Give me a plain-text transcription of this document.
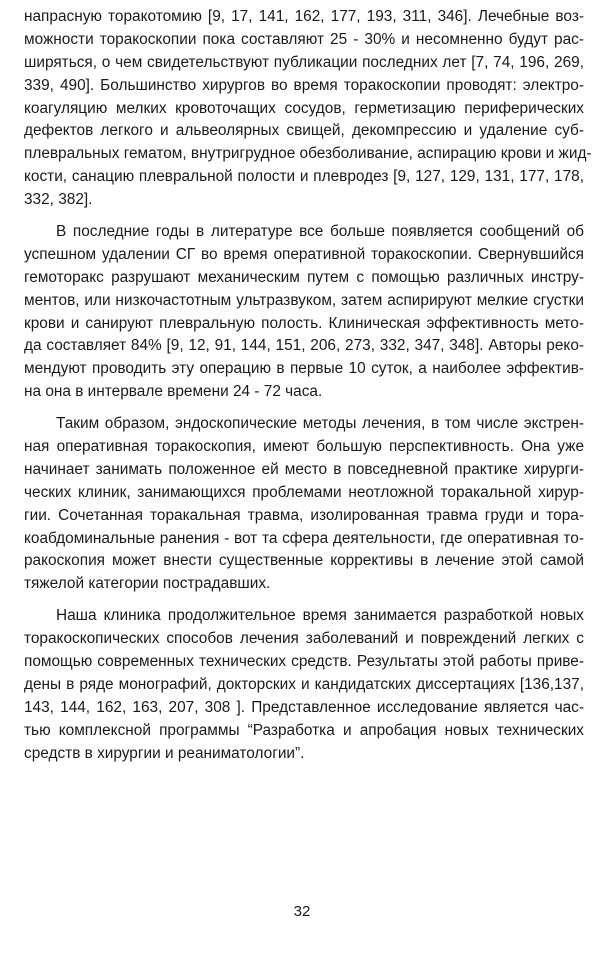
напрасную торакотомию [9, 17, 141, 162, 177, 193, 311, 346]. Лечебные воз-
можности торакоскопии пока составляют 25 - 30% и несомненно будут рас-
ширяться, о чем свидетельствуют публикации последних лет [7, 74, 196, 269,
339, 490]. Большинство хирургов во время торакоскопии проводят: электро-
коагуляцию мелких кровоточащих сосудов, герметизацию периферических
дефектов легкого и альвеолярных свищей, декомпрессию и удаление суб-
плевральных гематом, внутригрудное обезболивание, аспирацию крови и жид-
кости, санацию плевральной полости и плевродез [9, 127, 129, 131, 177, 178,
332, 382].
В последние годы в литературе все больше появляется сообщений об
успешном удалении СГ во время оперативной торакоскопии. Свернувшийся
гемоторакс разрушают механическим путем с помощью различных инстру-
ментов, или низкочастотным ультразвуком, затем аспирируют мелкие сгустки
крови и санируют плевральную полость. Клиническая эффективность мето-
да составляет 84% [9, 12, 91, 144, 151, 206, 273, 332, 347, 348]. Авторы реко-
мендуют проводить эту операцию в первые 10 суток, а наиболее эффектив-
на она в интервале времени 24 - 72 часа.
Таким образом, эндоскопические методы лечения, в том числе экстрен-
ная оперативная торакоскопия, имеют большую перспективность. Она уже
начинает занимать положенное ей место в повседневной практике хирурги-
ческих клиник, занимающихся проблемами неотложной торакальной хирур-
гии. Сочетанная торакальная травма, изолированная травма груди и тора-
коабдоминальные ранения - вот та сфера деятельности, где оперативная то-
ракоскопия может внести существенные коррективы в лечение этой самой
тяжелой категории пострадавших.
Наша клиника продолжительное время занимается разработкой новых
торакоскопических способов лечения заболеваний и повреждений легких с
помощью современных технических средств. Результаты этой работы приве-
дены в ряде монографий, докторских и кандидатских диссертациях [136,137,
143, 144, 162, 163, 207, 308 ]. Представленное исследование является час-
тью комплексной программы “Разработка и апробация новых технических
средств в хирургии и реаниматологии”.
32
